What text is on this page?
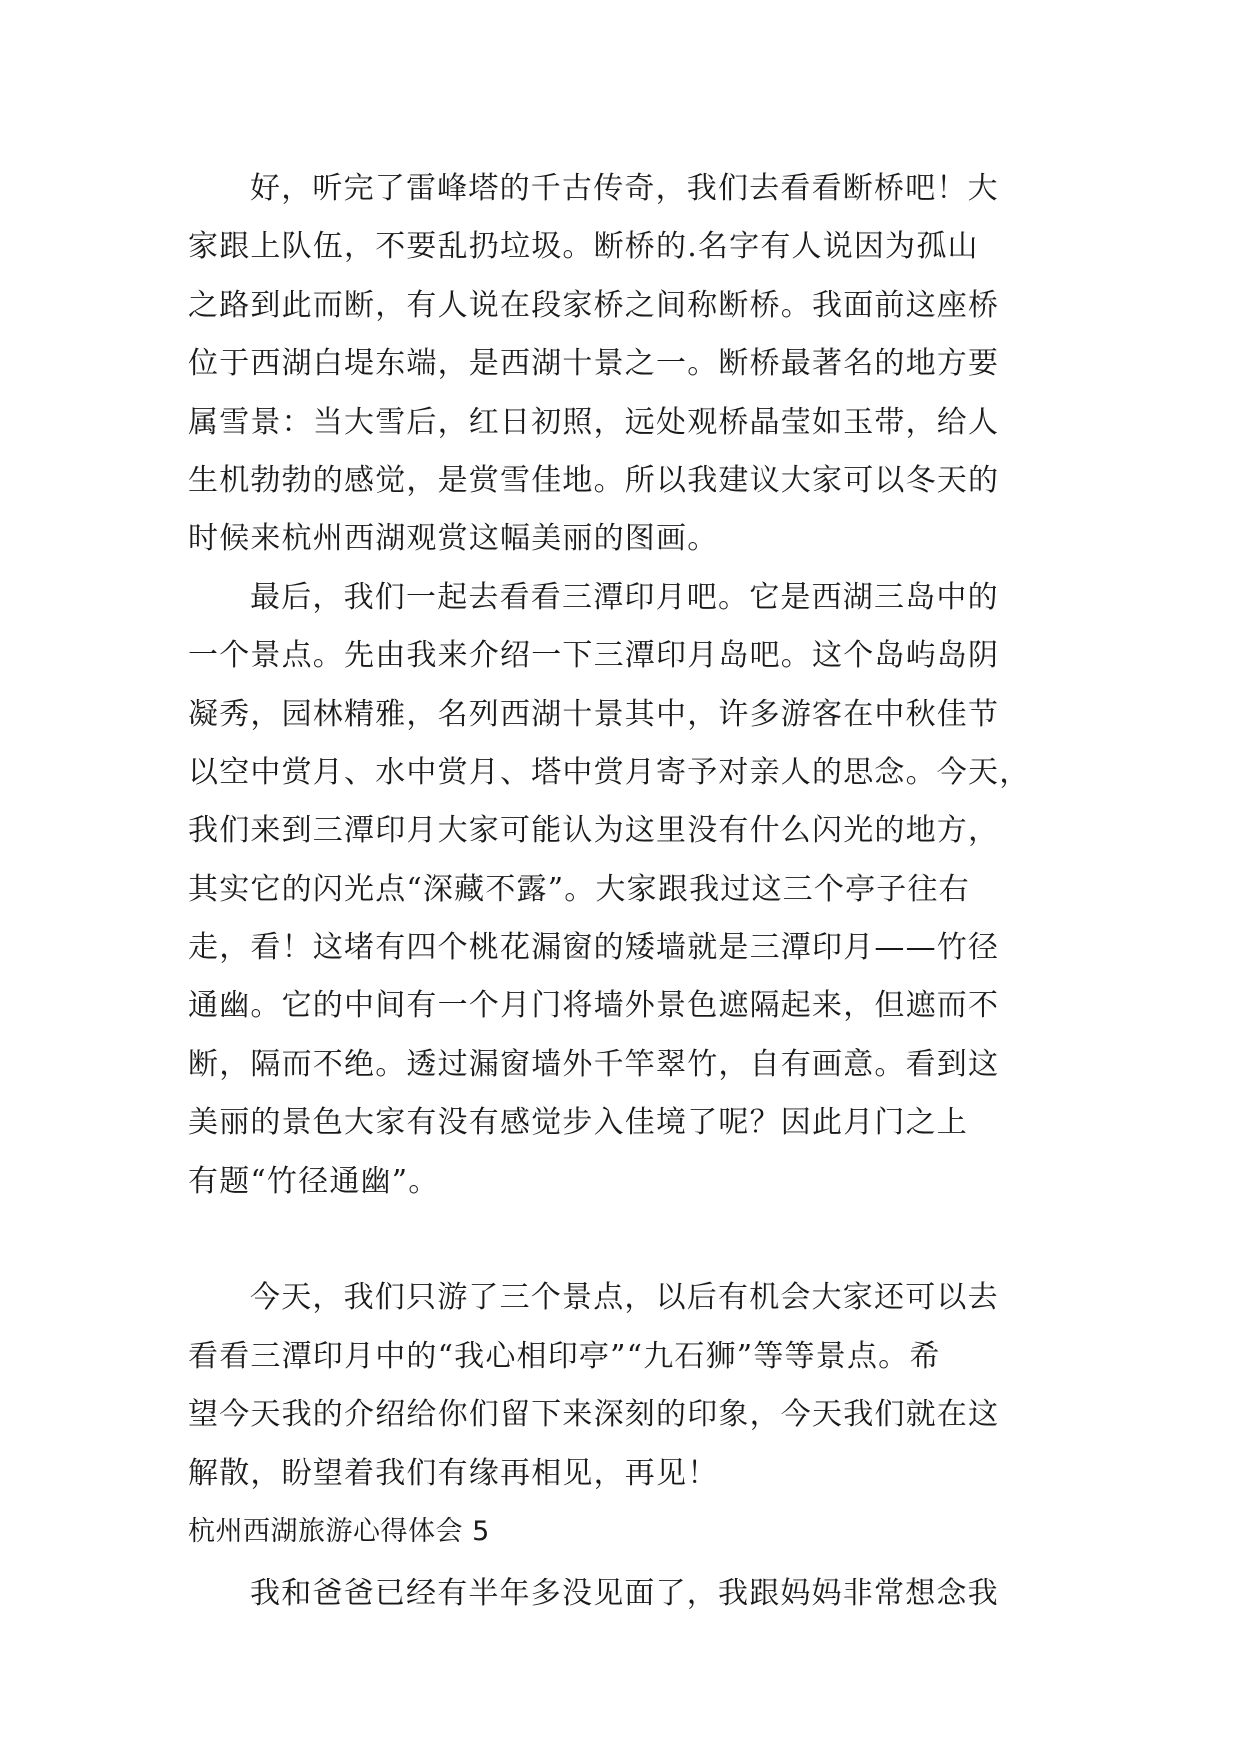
好，听完了雷峰塔的千古传奇，我们去看看断桥吧！大
家跟上队伍，不要乱扔垃圾。断桥的.名字有人说因为孤山
之路到此而断，有人说在段家桥之间称断桥。我面前这座桥
位于西湖白堤东端，是西湖十景之一。断桥最著名的地方要
属雪景：当大雪后，红日初照，远处观桥晶莹如玉带，给人
生机勃勃的感觉，是赏雪佳地。所以我建议大家可以冬天的
时候来杭州西湖观赏这幅美丽的图画。
最后，我们一起去看看三潭印月吧。它是西湖三岛中的
一个景点。先由我来介绍一下三潭印月岛吧。这个岛屿岛阴
凝秀，园林精雅，名列西湖十景其中，许多游客在中秋佳节
以空中赏月、水中赏月、塔中赏月寄予对亲人的思念。今天，
我们来到三潭印月大家可能认为这里没有什么闪光的地方，
其实它的闪光点“深藏不露”。大家跟我过这三个亭子往右
走，看！这堵有四个桃花漏窗的矮墙就是三潭印月——竹径
通幽。它的中间有一个月门将墙外景色遮隔起来，但遮而不
断，隔而不绝。透过漏窗墙外千竿翠竹，自有画意。看到这
美丽的景色大家有没有感觉步入佳境了呢？因此月门之上
有题“竹径通幽”。
今天，我们只游了三个景点，以后有机会大家还可以去
看看三潭印月中的“我心相印亭”“九石狮”等等景点。希
望今天我的介绍给你们留下来深刻的印象，今天我们就在这
解散，盼望着我们有缘再相见，再见！
杭州西湖旅游心得体会 5
我和爸爸已经有半年多没见面了，我跟妈妈非常想念我
